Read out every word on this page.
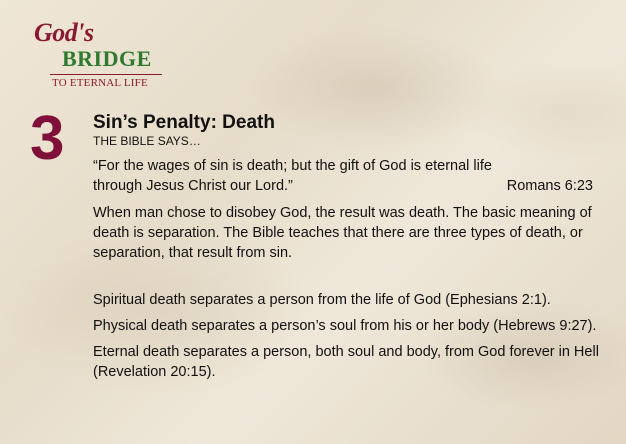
God's
BRIDGE
TO ETERNAL LIFE
3 Sin’s Penalty: Death
THE BIBLE SAYS…

“For the wages of sin is death; but the gift of God is eternal life

through Jesus Christ our Lord.”	Romans 6:23

When man chose to disobey God, the result was death. The basic meaning of death is separation. The Bible teaches that there are three types of death, or separation, that result from sin.

Spiritual death separates a person from the life of God (Ephesians 2:1).

Physical death separates a person’s soul from his or her body (Hebrews 9:27).

Eternal death separates a person, both soul and body, from God forever in Hell (Revelation 20:15).
